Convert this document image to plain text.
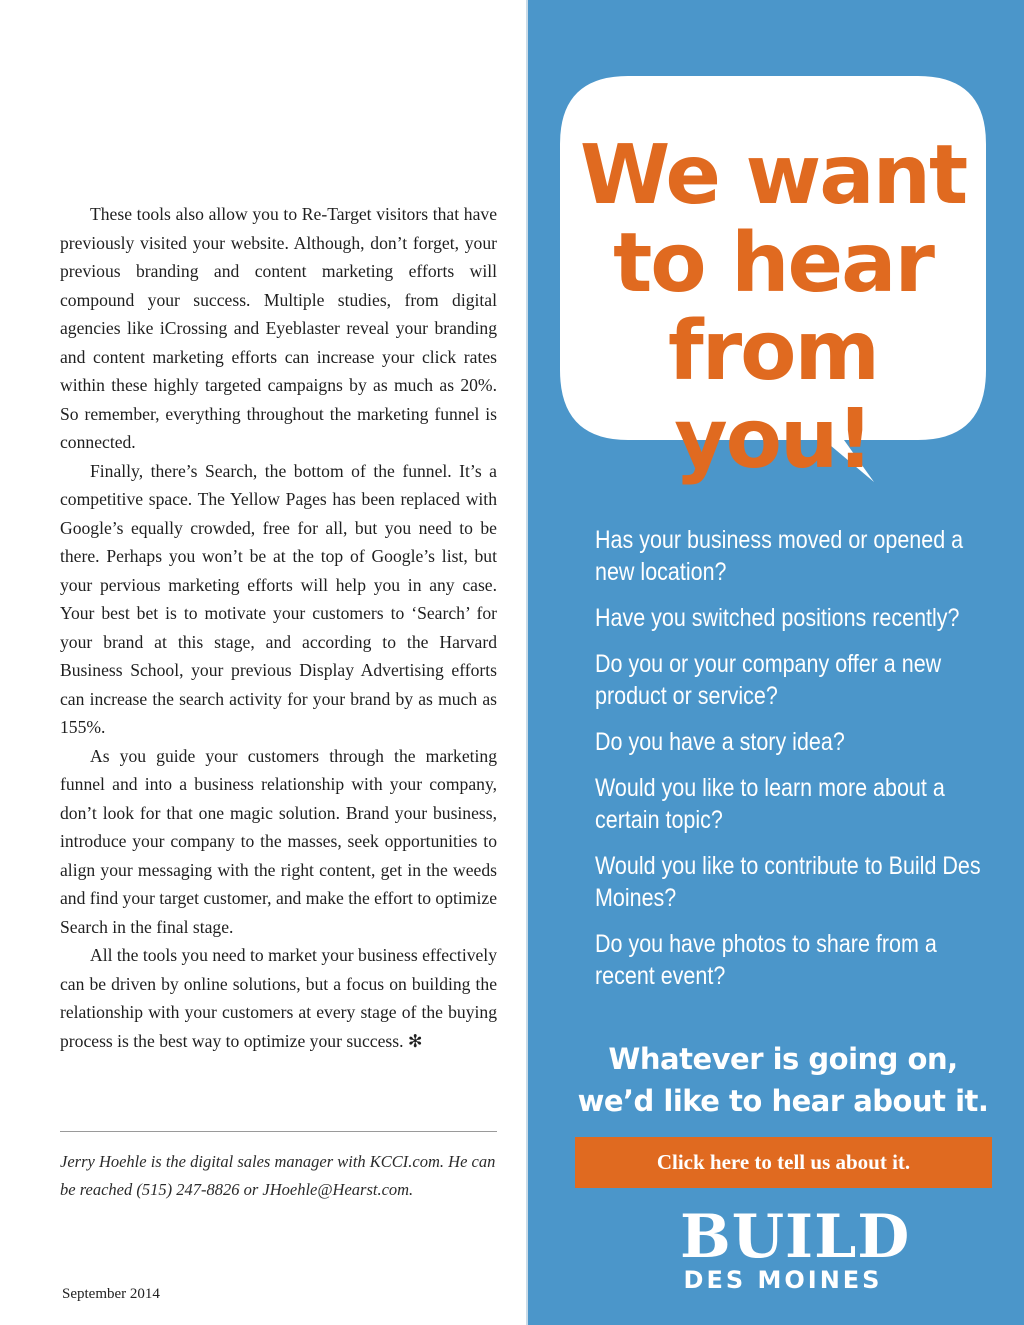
These tools also allow you to Re-Target visitors that have previously visited your website. Although, don’t forget, your previous branding and content marketing efforts will compound your success. Multiple studies, from digital agencies like iCrossing and Eyeblaster reveal your branding and content marketing efforts can increase your click rates within these highly targeted campaigns by as much as 20%. So remember, everything throughout the marketing funnel is connected.

Finally, there’s Search, the bottom of the funnel. It’s a competitive space. The Yellow Pages has been replaced with Google’s equally crowded, free for all, but you need to be there. Perhaps you won’t be at the top of Google’s list, but your pervious marketing efforts will help you in any case. Your best bet is to motivate your customers to ‘Search’ for your brand at this stage, and according to the Harvard Business School, your previous Display Advertising efforts can increase the search activity for your brand by as much as 155%.

As you guide your customers through the marketing funnel and into a business relationship with your company, don’t look for that one magic solution. Brand your business, introduce your company to the masses, seek opportunities to align your messaging with the right content, get in the weeds and find your target customer, and make the effort to optimize Search in the final stage.

All the tools you need to market your business effectively can be driven by online solutions, but a focus on building the relationship with your customers at every stage of the buying process is the best way to optimize your success. ✻

Jerry Hoehle is the digital sales manager with KCCI.com. He can be reached (515) 247-8826 or JHoehle@Hearst.com.
September 2014
We want
to hear
from you!
Has your business moved or opened a new location?
Have you switched positions recently?
Do you or your company offer a new product or service?
Do you have a story idea?
Would you like to learn more about a certain topic?
Would you like to contribute to Build Des Moines?
Do you have photos to share from a recent event?
Whatever is going on,
we’d like to hear about it.
Click here to tell us about it.
BUILD
DES MOINES
